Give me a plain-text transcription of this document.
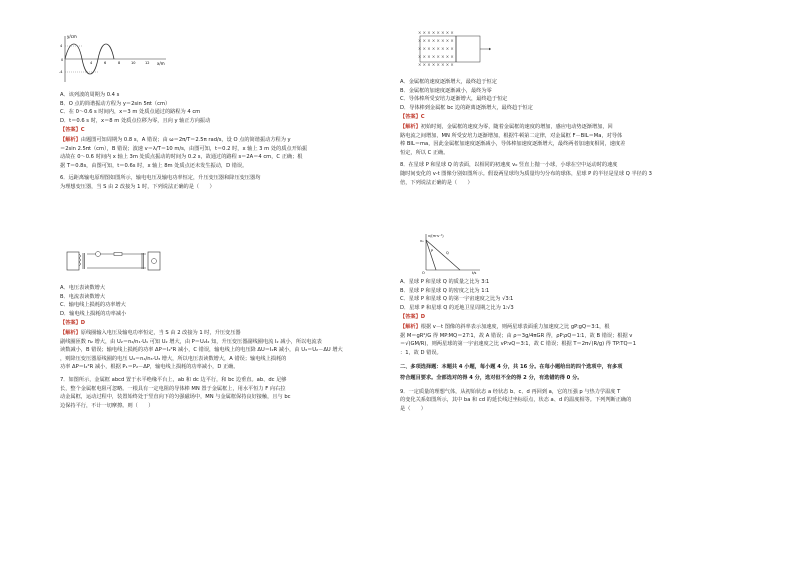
y/cm
x/m
4
0
-4
4	6	8	10	12

A．该列波的周期为 0.4 s

B．O 点的简谐振动方程为 y＝2sin 5πt（cm）

C．在 0～0.6 s 时间内，x＝3 m 处质点通过的路程为 4 cm

D．t＝0.6 s 时，x＝8 m 处质点位移为零，且向 y 轴正方向振动

【答案】C

【解析】由题图可知周期为 0.8 s，A 错误；由 ω＝2π/T＝2.5π rad/s，设 O 点的简谐振动方程为 y

＝2sin 2.5πt（cm），B 错误；波速 v＝λ/T＝10 m/s，由图可知，t＝0.2 时，x 轴上 3 m 处的质点开始振

动故在 0～0.6 时间内 x 轴上 3m 处质点振动的时间为 0.2 s，故通过的路程 s＝2A＝4 cm，C 正确；根

据 T＝0.8s，由图可知，t＝0.6s 时，x 轴上 8m 处质点还未发生振动，D 错误。

6．远距离输电原理图如图所示，输电电压及输电功率恒定，升压变压器和降压变压器均

为理想变压器，当 S 由 2 改接为 1 时，下列说法正确的是（　　）

A．电压表读数增大

B．电流表读数增大

C．输电线上损耗的功率增大

D．输电线上损耗的功率减小

【答案】D

【解析】原线圈输入电压及输电功率恒定，当 S 由 2 改接为 1 时，升压变压器

副线圈匝数 n₂ 增大，由 U₂＝n₂/n₁·U₁ 可知 U₂ 增大，由 P＝U₂I₂ 知，升压变压器副线圈电流 I₂ 减小，所以电流表

读数减小，B 错误；输电线上损耗的功率 ΔP＝I₂²R 减小，C 错误，输电线上的电压降 ΔU＝I₂R 减小，由 U₃＝U₂－ΔU 增大

，则降压变压器原线圈的电压 U₄＝n₄/n₃·U₃ 增大，所以电压表读数增大，A 错误；输电线上损耗的

功率 ΔP＝I₂²R 减小，根据 P₁＝P₂－ΔP，输电线上损耗的功率减小，D 正确。

7．如图所示，金属框 abcd 置于水平绝缘平台上，ab 和 dc 边平行，和 bc 边垂直。ab、dc 足够

长，整个金属框电阻可忽略。一根具有一定电阻的导体棒 MN 置于金属框上，用水平恒力 F 向右拉

动金属框，运动过程中，装置始终处于竖直向下的匀强磁场中，MN 与金属框保持良好接触，且与 bc

边保持平行，不计一切摩擦。则（　　）

× × × × × × × ×
× × × × × × × ×
× × × × × × × ×
× × × × × × × ×
× × × × × × × ×

A．金属框的速度逐渐增大，最终趋于恒定

B．金属框的加速度逐渐减小，最终为零

C．导体棒所受安培力逐渐增大，最终趋于恒定

D．导体棒到金属框 bc 边的距离逐渐增大，最终趋于恒定

【答案】C

【解析】初始时刻，金属框的速度为零，随着金属框的速度的增加，感应电动势逐渐增加，回

路电流之间增加，MN 所受安培力逐渐增加，根据牛顿第二定律，对金属框 F－BIL＝Ma，对导体

棒 BIL＝ma，因此金属框加速度逐渐减小，导体棒加速度逐渐增大，最终两者加速度相同，速度差

恒定，所以 C 正确。

8．在星球 P 和星球 Q 的表面，以相同的初速度 v₀ 竖直上抛一小球，小球在空中运动时的速度

随时间变化的 v-t 图像分别如图所示。假设两星球均为质量均匀分布的球体，星球 P 的半径是星球 Q 半径的 3

倍，下列说法正确的是（　　）

v/(m·s⁻¹)
t/s
O
v₀
P	Q

A．星球 P 和星球 Q 的质量之比为 3∶1

B．星球 P 和星球 Q 的密度之比为 1∶1

C．星球 P 和星球 Q 的第一宇宙速度之比为 √3∶1

D．星球 P 和星球 Q 的近地卫星周期之比为 1∶√3

【答案】D

【解析】根据 v－t 图像的斜率表示加速度，则两星球表面重力加速度之比 gP∶gQ＝3∶1，根

据 M＝gR²/G 得 MP∶MQ＝27∶1，故 A 错误；由 ρ＝3g/4πGR 得，ρP∶ρQ＝1∶1，故 B 错误；根据 v

＝√(GM/R)，则两星球的第一宇宙速度之比 vP∶vQ＝3∶1，故 C 错误；根据 T＝2π√(R/g) 得 TP∶TQ＝1

：1，故 D 错误。

二、多项选择题：本题共 4 小题，每小题 4 分，共 16 分。在每小题给出的四个选项中，有多项

符合题目要求。全部选对的得 4 分，选对但不全的得 2 分，有选错的得 0 分。

9．一定质量的理想气体，从初始状态 a 经状态 b、c、d 再回到 a，它的压强 p 与热力学温度 T

的变化关系如图所示，其中 ba 和 cd 的延长线过坐标原点，状态 a、d 的温度相等。下列判断正确的

是（　　）
